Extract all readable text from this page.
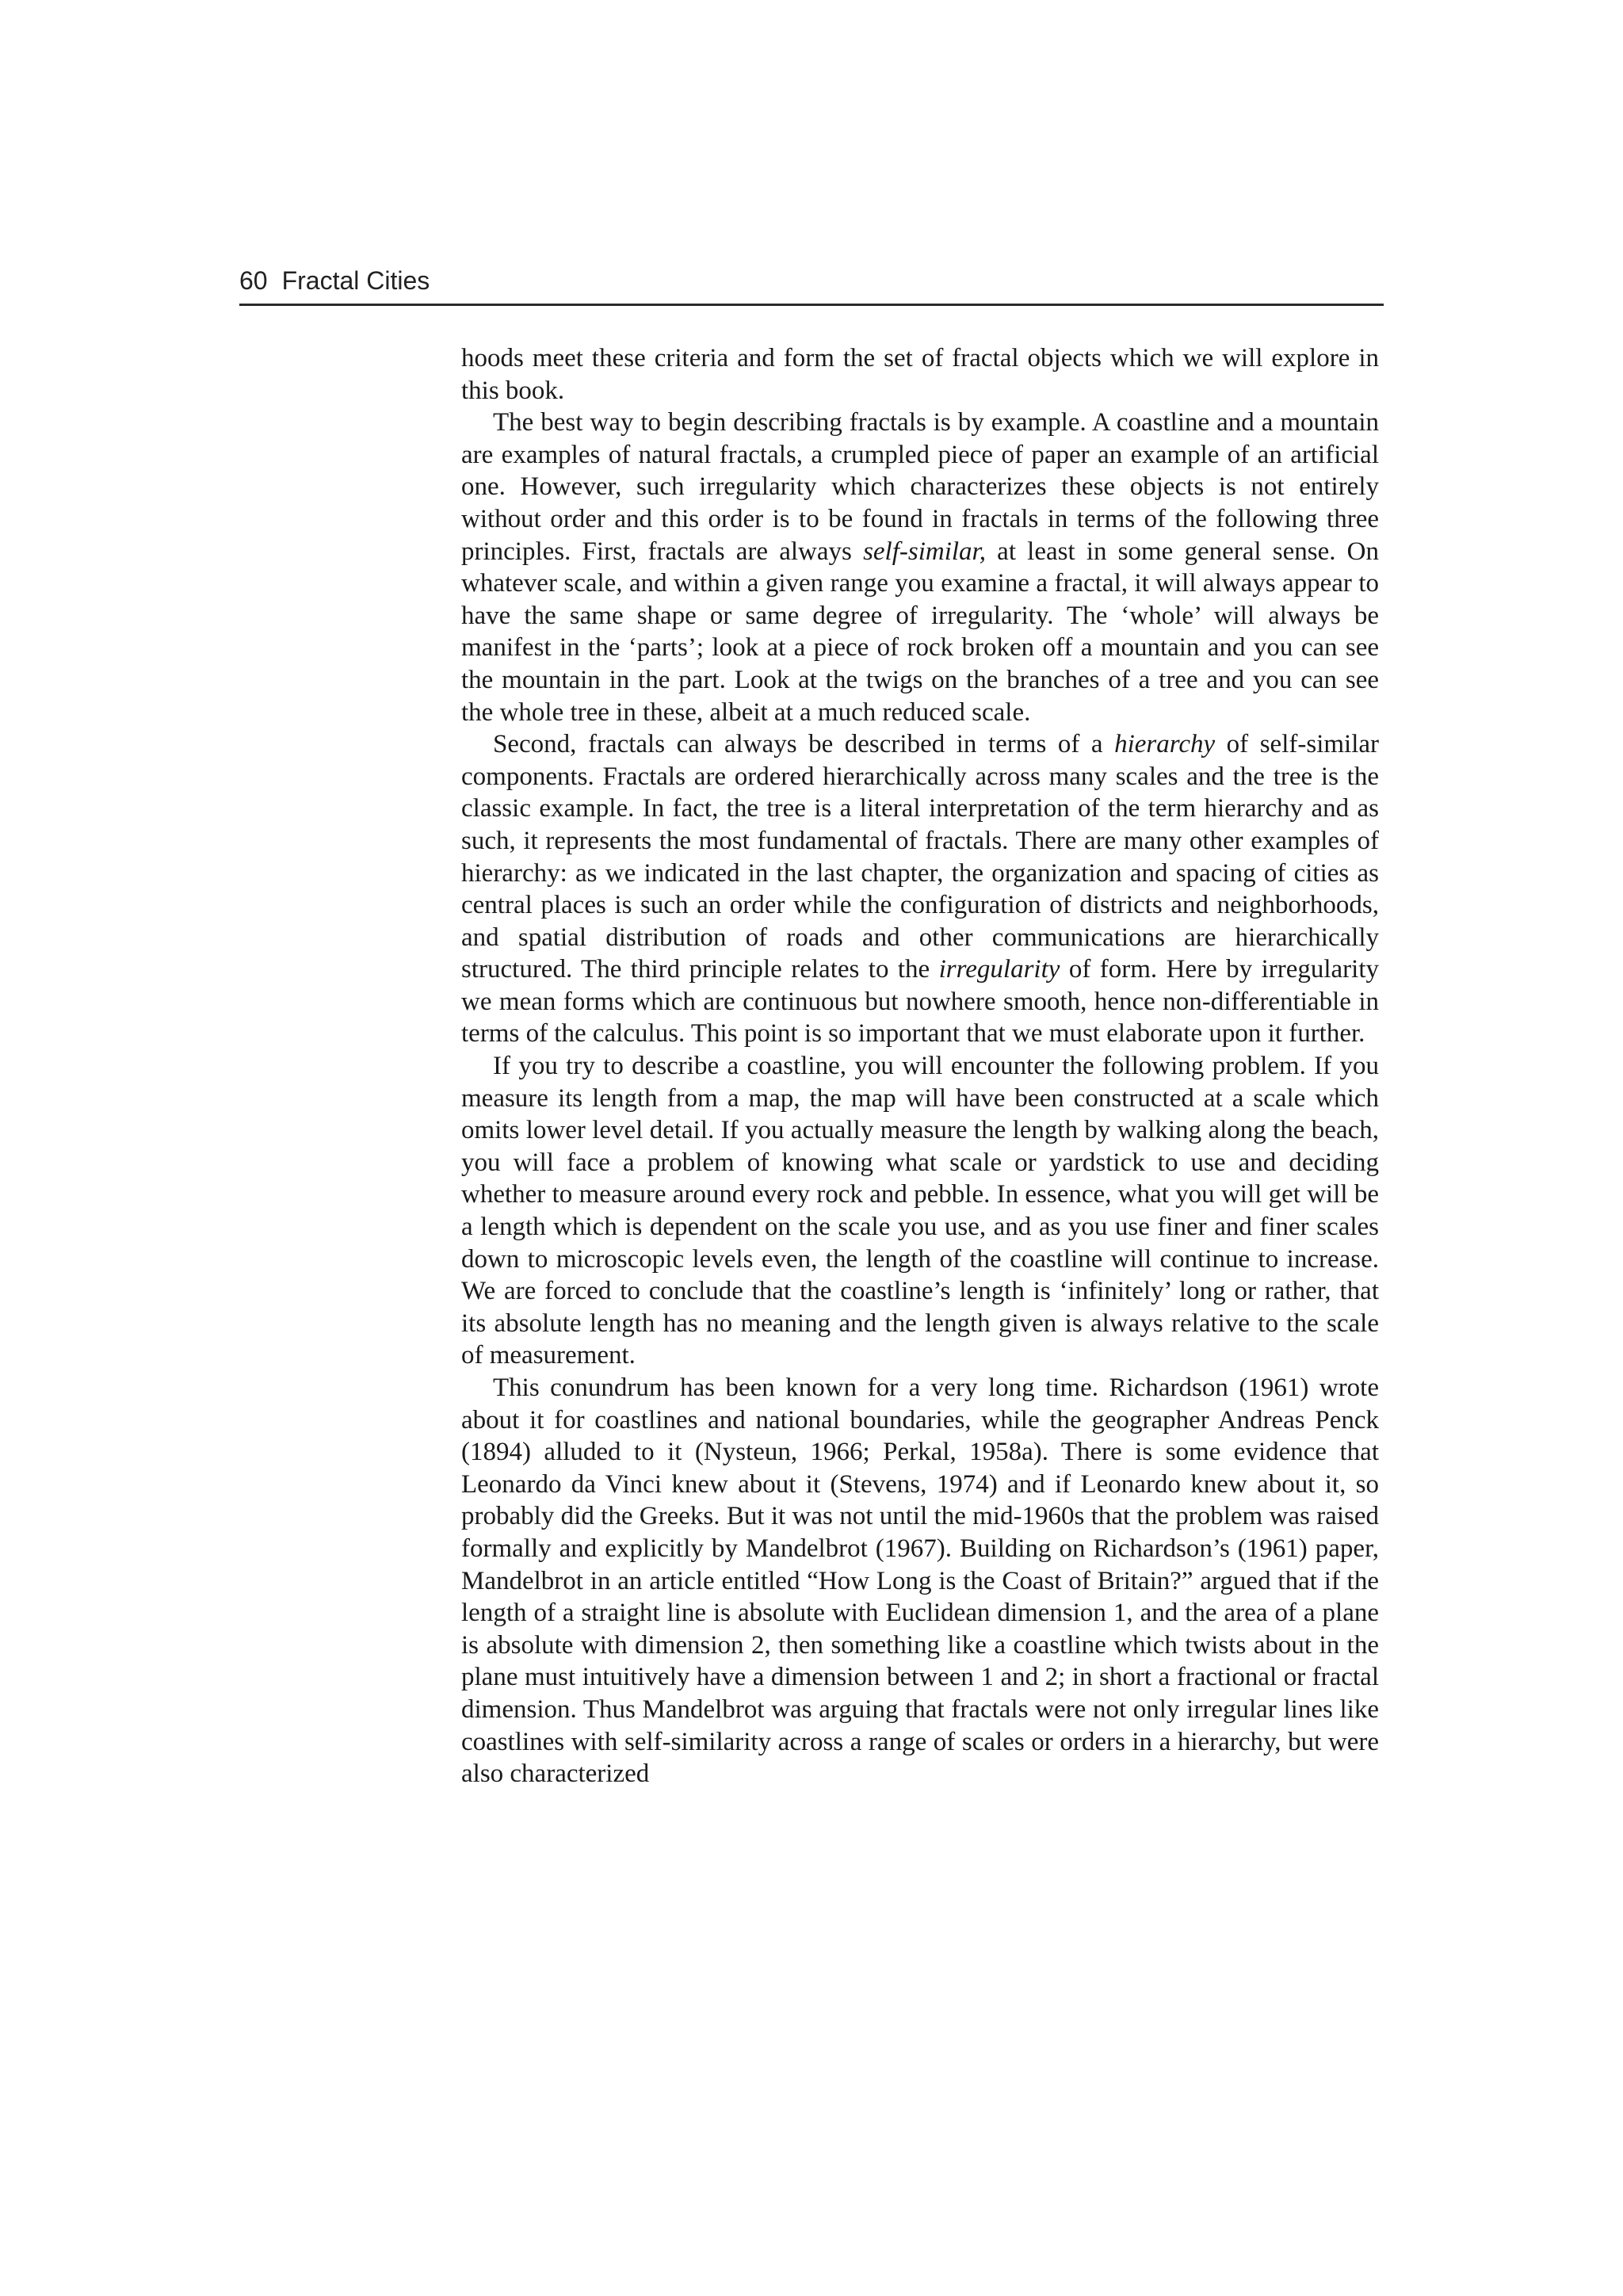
60 Fractal Cities

hoods meet these criteria and form the set of fractal objects which we will explore in this book.

The best way to begin describing fractals is by example. A coastline and a mountain are examples of natural fractals, a crumpled piece of paper an example of an artificial one. However, such irregularity which characterizes these objects is not entirely without order and this order is to be found in fractals in terms of the following three principles. First, fractals are always self-similar, at least in some general sense. On whatever scale, and within a given range you examine a fractal, it will always appear to have the same shape or same degree of irregularity. The ‘whole’ will always be manifest in the ‘parts’; look at a piece of rock broken off a mountain and you can see the mountain in the part. Look at the twigs on the branches of a tree and you can see the whole tree in these, albeit at a much reduced scale.

Second, fractals can always be described in terms of a hierarchy of self-similar components. Fractals are ordered hierarchically across many scales and the tree is the classic example. In fact, the tree is a literal interpretation of the term hierarchy and as such, it represents the most fundamental of fractals. There are many other examples of hierarchy: as we indicated in the last chapter, the organization and spacing of cities as central places is such an order while the configuration of districts and neighborhoods, and spatial distribution of roads and other communications are hierarchically structured. The third principle relates to the irregularity of form. Here by irregularity we mean forms which are continuous but nowhere smooth, hence non-differentiable in terms of the calculus. This point is so important that we must elaborate upon it further.

If you try to describe a coastline, you will encounter the following problem. If you measure its length from a map, the map will have been constructed at a scale which omits lower level detail. If you actually measure the length by walking along the beach, you will face a problem of knowing what scale or yardstick to use and deciding whether to measure around every rock and pebble. In essence, what you will get will be a length which is dependent on the scale you use, and as you use finer and finer scales down to microscopic levels even, the length of the coastline will continue to increase. We are forced to conclude that the coastline’s length is ‘infinitely’ long or rather, that its absolute length has no meaning and the length given is always relative to the scale of measurement.

This conundrum has been known for a very long time. Richardson (1961) wrote about it for coastlines and national boundaries, while the geographer Andreas Penck (1894) alluded to it (Nysteun, 1966; Perkal, 1958a). There is some evidence that Leonardo da Vinci knew about it (Stevens, 1974) and if Leonardo knew about it, so probably did the Greeks. But it was not until the mid-1960s that the problem was raised formally and explicitly by Mandelbrot (1967). Building on Richardson’s (1961) paper, Mandelbrot in an article entitled “How Long is the Coast of Britain?” argued that if the length of a straight line is absolute with Euclidean dimension 1, and the area of a plane is absolute with dimension 2, then something like a coastline which twists about in the plane must intuitively have a dimension between 1 and 2; in short a fractional or fractal dimension. Thus Mandelbrot was arguing that fractals were not only irregular lines like coastlines with self-similarity across a range of scales or orders in a hierarchy, but were also characterized
